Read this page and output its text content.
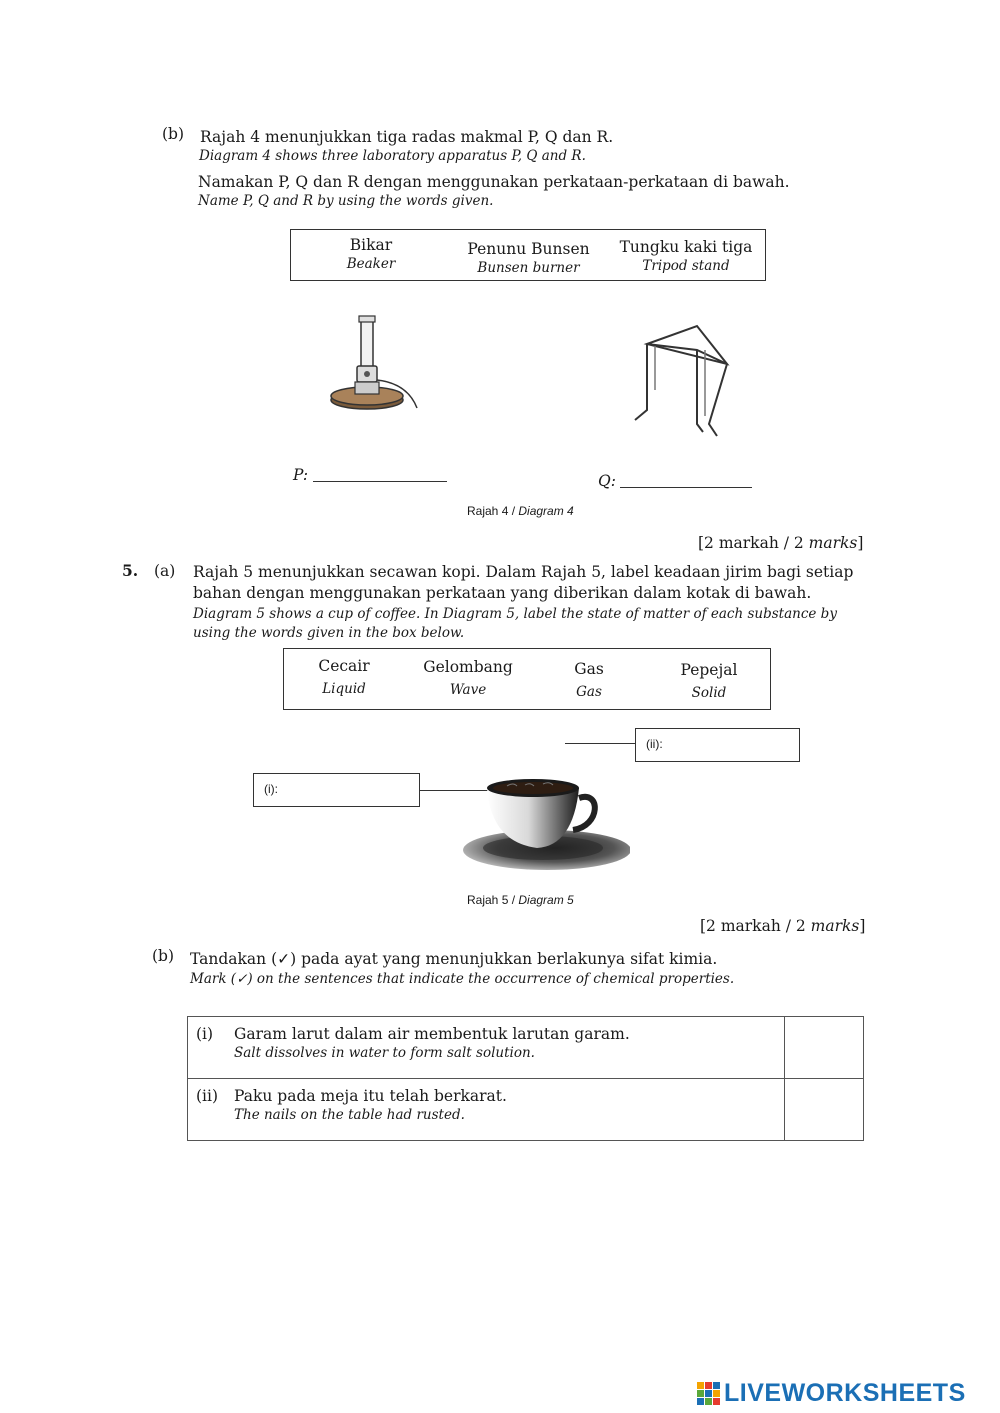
(b) Rajah 4 menunjukkan tiga radas makmal P, Q dan R.
Diagram 4 shows three laboratory apparatus P, Q and R.
Namakan P, Q dan R dengan menggunakan perkataan-perkataan di bawah.
Name P, Q and R by using the words given.
Bikar
Beaker
Penunu Bunsen
Bunsen burner
Tungku kaki tiga
Tripod stand
P:	Q:
Rajah 4 / Diagram 4
[2 markah / 2 marks]
5. (a) Rajah 5 menunjukkan secawan kopi. Dalam Rajah 5, label keadaan jirim bagi setiap
bahan dengan menggunakan perkataan yang diberikan dalam kotak di bawah.
Diagram 5 shows a cup of coffee. In Diagram 5, label the state of matter of each substance by
using the words given in the box below.
Cecair
Liquid
Gelombang
Wave
Gas
Gas
Pepejal
Solid
(ii):
(i):
Rajah 5 / Diagram 5
[2 markah / 2 marks]
(b) Tandakan (✓) pada ayat yang menunjukkan berlakunya sifat kimia.
Mark (✓) on the sentences that indicate the occurrence of chemical properties.
(i) Garam larut dalam air membentuk larutan garam.
Salt dissolves in water to form salt solution.	

(ii) Paku pada meja itu telah berkarat.
The nails on the table had rusted.	

LIVEWORKSHEETS
